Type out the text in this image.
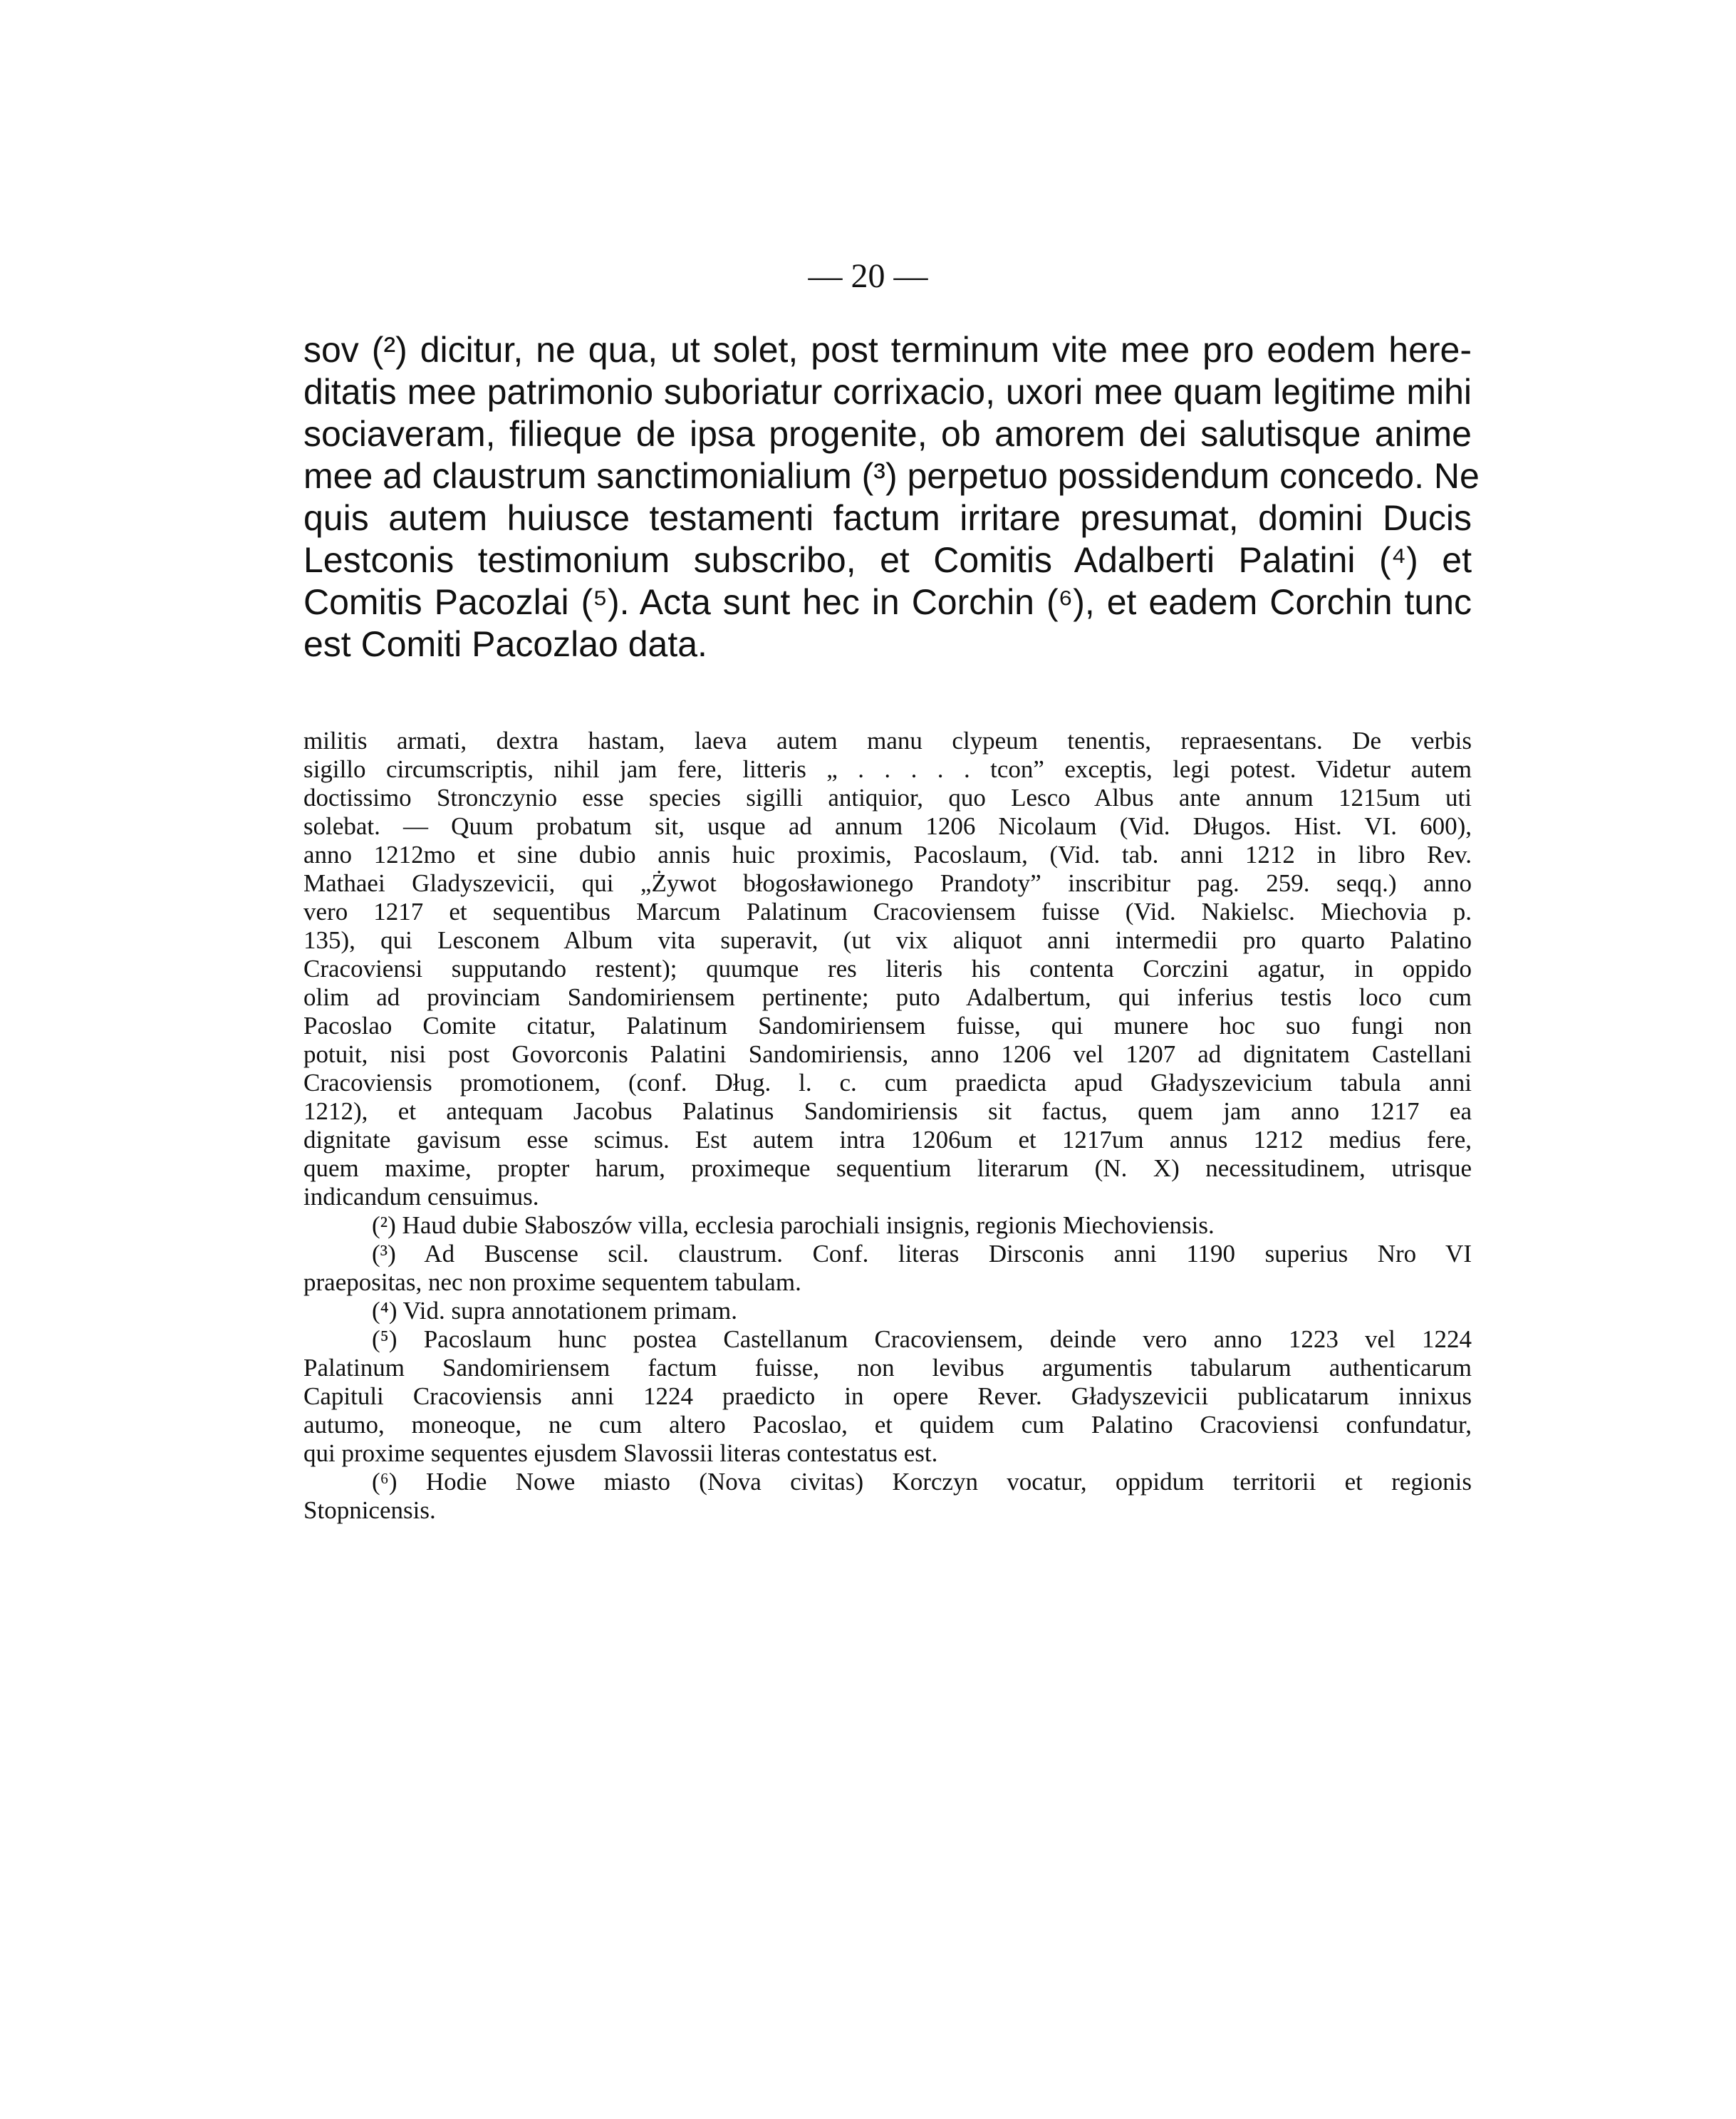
— 20 —
sov (²) dicitur, ne qua, ut solet, post terminum vite mee pro eodem here-
ditatis mee patrimonio suboriatur corrixacio, uxori mee quam legitime mihi
sociaveram, filieque de ipsa progenite, ob amorem dei salutisque anime
mee ad claustrum sanctimonialium (³) perpetuo possidendum concedo. Ne
quis autem huiusce testamenti factum irritare presumat, domini Ducis
Lestconis testimonium subscribo, et Comitis Adalberti Palatini (⁴) et
Comitis Pacozlai (⁵). Acta sunt hec in Corchin (⁶), et eadem Corchin tunc
est Comiti Pacozlao data.
militis armati, dextra hastam, laeva autem manu clypeum tenentis, repraesentans. De verbis
sigillo circumscriptis, nihil jam fere, litteris „ . . . . . tcon” exceptis, legi potest. Videtur autem
doctissimo Stronczynio esse species sigilli antiquior, quo Lesco Albus ante annum 1215um uti
solebat. — Quum probatum sit, usque ad annum 1206 Nicolaum (Vid. Długos. Hist. VI. 600),
anno 1212mo et sine dubio annis huic proximis, Pacoslaum, (Vid. tab. anni 1212 in libro Rev.
Mathaei Gladyszevicii, qui „Żywot błogosławionego Prandoty” inscribitur pag. 259. seqq.) anno
vero 1217 et sequentibus Marcum Palatinum Cracoviensem fuisse (Vid. Nakielsc. Miechovia p.
135), qui Lesconem Album vita superavit, (ut vix aliquot anni intermedii pro quarto Palatino
Cracoviensi supputando restent); quumque res literis his contenta Corczini agatur, in oppido
olim ad provinciam Sandomiriensem pertinente; puto Adalbertum, qui inferius testis loco cum
Pacoslao Comite citatur, Palatinum Sandomiriensem fuisse, qui munere hoc suo fungi non
potuit, nisi post Govorconis Palatini Sandomiriensis, anno 1206 vel 1207 ad dignitatem Castellani
Cracoviensis promotionem, (conf. Dług. l. c. cum praedicta apud Gładyszevicium tabula anni
1212), et antequam Jacobus Palatinus Sandomiriensis sit factus, quem jam anno 1217 ea
dignitate gavisum esse scimus. Est autem intra 1206um et 1217um annus 1212 medius fere,
quem maxime, propter harum, proximeque sequentium literarum (N. X) necessitudinem, utrisque
indicandum censuimus.
(²) Haud dubie Słaboszów villa, ecclesia parochiali insignis, regionis Miechoviensis.
(³) Ad Buscense scil. claustrum. Conf. literas Dirsconis anni 1190 superius Nro VI
praepositas, nec non proxime sequentem tabulam.
(⁴) Vid. supra annotationem primam.
(⁵) Pacoslaum hunc postea Castellanum Cracoviensem, deinde vero anno 1223 vel 1224
Palatinum Sandomiriensem factum fuisse, non levibus argumentis tabularum authenticarum
Capituli Cracoviensis anni 1224 praedicto in opere Rever. Gładyszevicii publicatarum innixus
autumo, moneoque, ne cum altero Pacoslao, et quidem cum Palatino Cracoviensi confundatur,
qui proxime sequentes ejusdem Slavossii literas contestatus est.
(⁶) Hodie Nowe miasto (Nova civitas) Korczyn vocatur, oppidum territorii et regionis
Stopnicensis.
